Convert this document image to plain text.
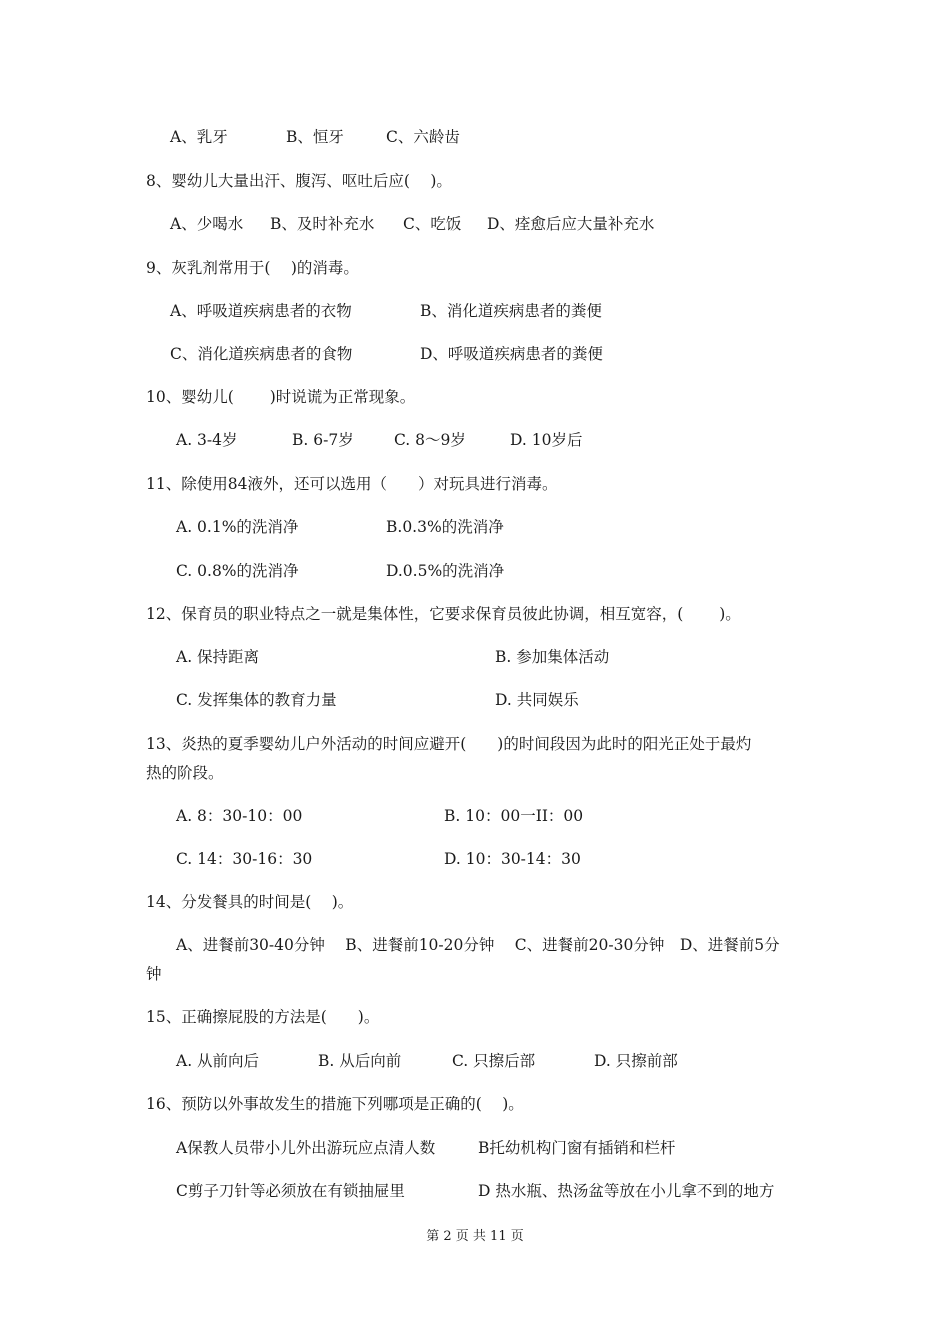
A、乳牙	B、恒牙	C、六龄齿
8、婴幼儿大量出汗、腹泻、呕吐后应(　 )。
A、少喝水 B、及时补充水 C、吃饭 D、痊愈后应大量补充水
9、灰乳剂常用于(　 )的消毒。
A、呼吸道疾病患者的衣物	B、消化道疾病患者的粪便
C、消化道疾病患者的食物	D、呼吸道疾病患者的粪便
10、婴幼儿(　 　)时说谎为正常现象。
A. 3-4岁	B. 6-7岁	C. 8～9岁	D. 10岁后
11、除使用84液外，还可以选用（　　）对玩具进行消毒。
A. 0.1%的洗消净	B.0.3%的洗消净
C. 0.8%的洗消净	D.0.5%的洗消净
12、保育员的职业特点之一就是集体性，它要求保育员彼此协调，相互宽容，(　　 )。
A. 保持距离	B. 参加集体活动
C. 发挥集体的教育力量	D. 共同娱乐
13、炎热的夏季婴幼儿户外活动的时间应避开(　　)的时间段因为此时的阳光正处于最灼
热的阶段。
A. 8：30-10：00	B. 10：00一II：00
C. 14：30-16：30	D. 10：30-14：30
14、分发餐具的时间是(　 )。
A、进餐前30-40分钟　 B、进餐前10-20分钟　 C、进餐前20-30分钟　D、进餐前5分
钟
15、正确擦屁股的方法是(　　)。
A. 从前向后	B. 从后向前	C. 只擦后部	D. 只擦前部
16、预防以外事故发生的措施下列哪项是正确的(　 )。
A保教人员带小儿外出游玩应点清人数	B托幼机构门窗有插销和栏杆
C剪子刀针等必须放在有锁抽屉里	D 热水瓶、热汤盆等放在小儿拿不到的地方
第 2 页 共 11 页
